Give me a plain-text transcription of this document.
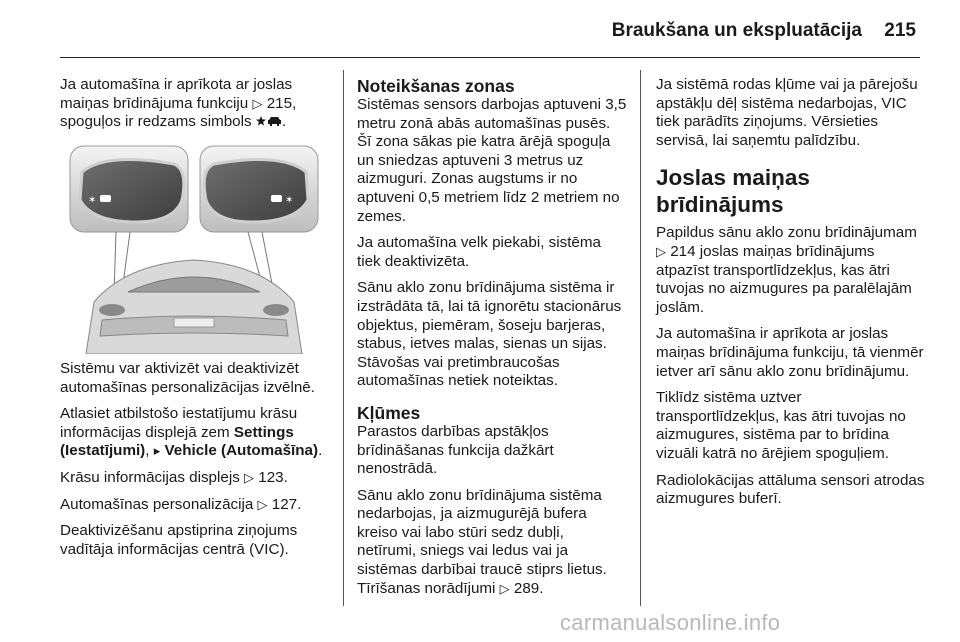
Braukšana un ekspluatācija 215

Ja automašīna ir aprīkota ar joslas maiņas brīdinājuma funkciju ▷ 215, spoguļos ir redzams simbols .

✶	✶

Sistēmu var aktivizēt vai deaktivizēt automašīnas personalizācijas izvēlnē.

Atlasiet atbilstošo iestatījumu krāsu informācijas displejā zem Settings (Iestatījumi), ▸ Vehicle (Automašīna).

Krāsu informācijas displejs ▷ 123.

Automašīnas personalizācija ▷ 127.

Deaktivizēšanu apstiprina ziņojums vadītāja informācijas centrā (VIC).

Noteikšanas zonas

Sistēmas sensors darbojas aptuveni 3,5 metru zonā abās automašīnas pusēs. Šī zona sākas pie katra ārējā spoguļa un sniedzas aptuveni 3 metrus uz aizmuguri. Zonas augstums ir no aptuveni 0,5 metriem līdz 2 metriem no zemes.

Ja automašīna velk piekabi, sistēma tiek deaktivizēta.

Sānu aklo zonu brīdinājuma sistēma ir izstrādāta tā, lai tā ignorētu stacionārus objektus, piemēram, šoseju barjeras, stabus, ietves malas, sienas un sijas. Stāvošas vai pretimbraucošas automašīnas netiek noteiktas.

Kļūmes

Parastos darbības apstākļos brīdināšanas funkcija dažkārt nenostrādā.

Sānu aklo zonu brīdinājuma sistēma nedarbojas, ja aizmugurējā bufera kreiso vai labo stūri sedz dubļi, netīrumi, sniegs vai ledus vai ja sistēmas darbībai traucē stiprs lietus. Tīrīšanas norādījumi ▷ 289.

Ja sistēmā rodas kļūme vai ja pārejošu apstākļu dēļ sistēma nedarbojas, VIC tiek parādīts ziņojums. Vērsieties servisā, lai saņemtu palīdzību.

Joslas maiņas brīdinājums

Papildus sānu aklo zonu brīdinājumam ▷ 214 joslas maiņas brīdinājums atpazīst transportlīdzekļus, kas ātri tuvojas no aizmugures pa paralēlajām joslām.

Ja automašīna ir aprīkota ar joslas maiņas brīdinājuma funkciju, tā vienmēr ietver arī sānu aklo zonu brīdinājumu.

Tiklīdz sistēma uztver transportlīdzekļus, kas ātri tuvojas no aizmugures, sistēma par to brīdina vizuāli katrā no ārējiem spoguļiem.

Radiolokācijas attāluma sensori atrodas aizmugures buferī.

carmanualsonline.info
